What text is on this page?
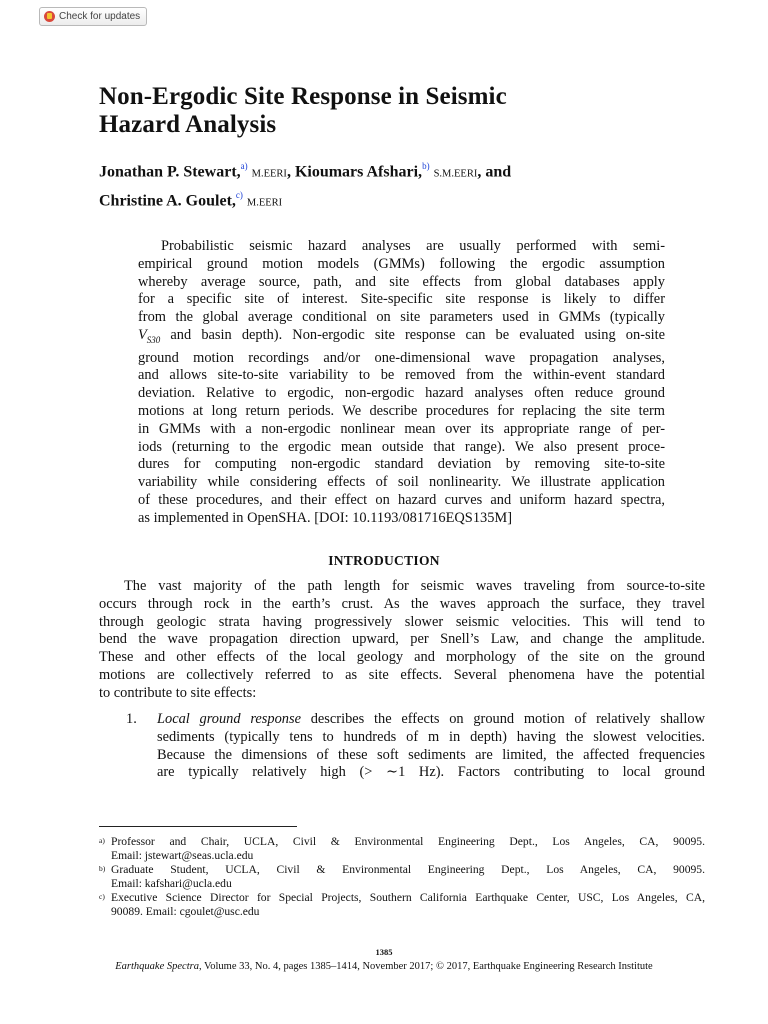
Check for updates
Non-Ergodic Site Response in Seismic
Hazard Analysis
Jonathan P. Stewart,$^{a)}$ M.EERI, Kioumars Afshari,$^{b)}$ S.M.EERI, and
Christine A. Goulet,$^{c)}$ M.EERI
Probabilistic seismic hazard analyses are usually performed with semi-
empirical ground motion models (GMMs) following the ergodic assumption
whereby average source, path, and site effects from global databases apply
for a specific site of interest. Site-specific site response is likely to differ
from the global average conditional on site parameters used in GMMs (typically
$V_{S30}$ and basin depth). Non-ergodic site response can be evaluated using on-site
ground motion recordings and/or one-dimensional wave propagation analyses,
and allows site-to-site variability to be removed from the within-event standard
deviation. Relative to ergodic, non-ergodic hazard analyses often reduce ground
motions at long return periods. We describe procedures for replacing the site term
in GMMs with a non-ergodic nonlinear mean over its appropriate range of per-
iods (returning to the ergodic mean outside that range). We also present proce-
dures for computing non-ergodic standard deviation by removing site-to-site
variability while considering effects of soil nonlinearity. We illustrate application
of these procedures, and their effect on hazard curves and uniform hazard spectra,
as implemented in OpenSHA. [DOI: 10.1193/081716EQS135M]
INTRODUCTION
The vast majority of the path length for seismic waves traveling from source-to-site
occurs through rock in the earth’s crust. As the waves approach the surface, they travel
through geologic strata having progressively slower seismic velocities. This will tend to
bend the wave propagation direction upward, per Snell’s Law, and change the amplitude.
These and other effects of the local geology and morphology of the site on the ground
motions are collectively referred to as site effects. Several phenomena have the potential
to contribute to site effects:
1. Local ground response describes the effects on ground motion of relatively shallow
sediments (typically tens to hundreds of m in depth) having the slowest velocities.
Because the dimensions of these soft sediments are limited, the affected frequencies
are typically relatively high (> ∼1 Hz). Factors contributing to local ground
a) Professor and Chair, UCLA, Civil & Environmental Engineering Dept., Los Angeles, CA, 90095.
Email: jstewart@seas.ucla.edu
b) Graduate Student, UCLA, Civil & Environmental Engineering Dept., Los Angeles, CA, 90095.
Email: kafshari@ucla.edu
c) Executive Science Director for Special Projects, Southern California Earthquake Center, USC, Los Angeles, CA,
90089. Email: cgoulet@usc.edu
1385
Earthquake Spectra, Volume 33, No. 4, pages 1385–1414, November 2017; © 2017, Earthquake Engineering Research Institute
